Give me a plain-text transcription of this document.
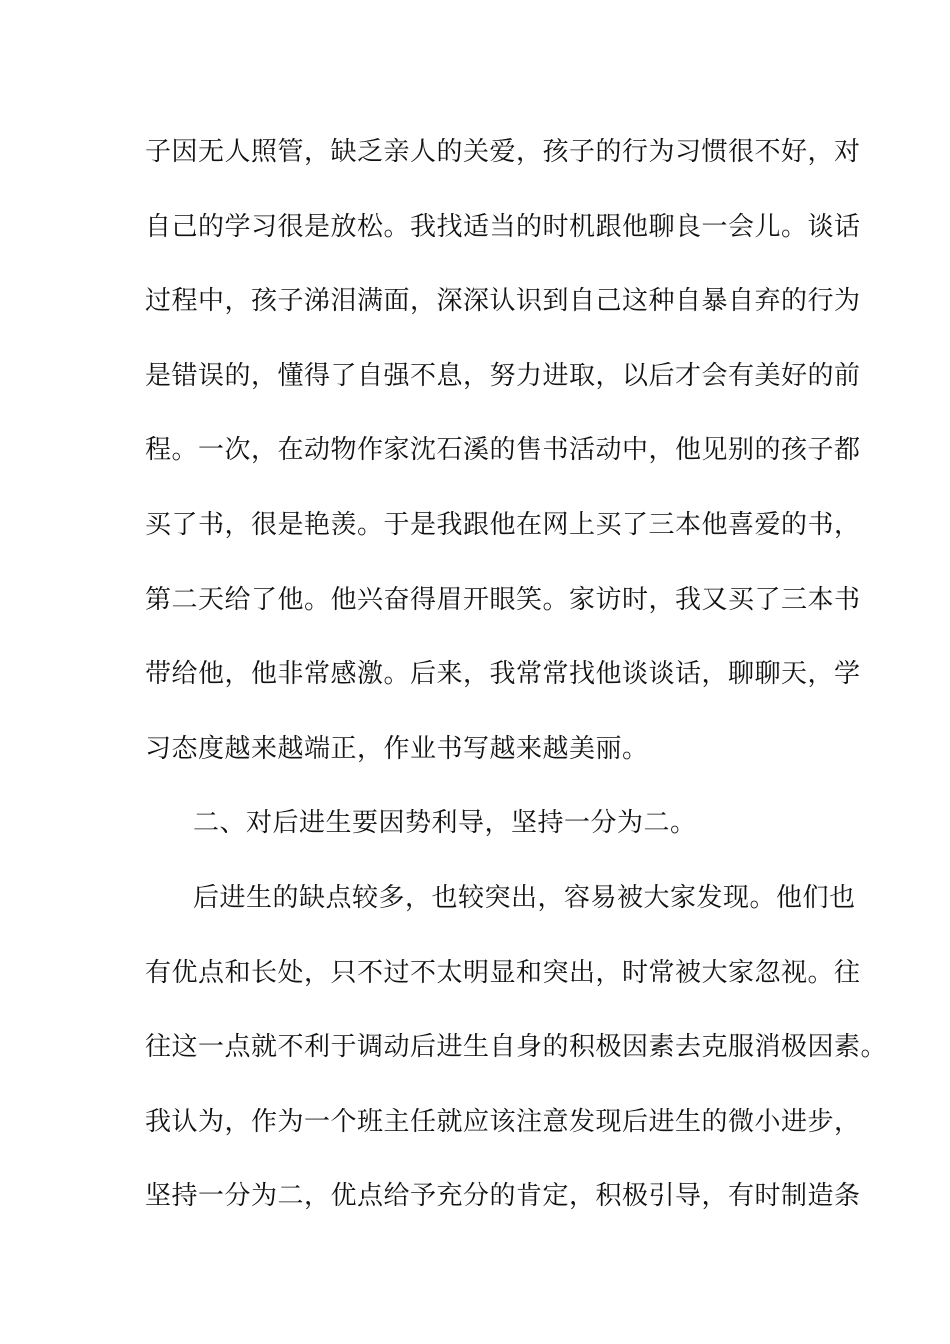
子因无人照管，缺乏亲人的关爱，孩子的行为习惯很不好，对
自己的学习很是放松。我找适当的时机跟他聊良一会儿。谈话
过程中，孩子涕泪满面，深深认识到自己这种自暴自弃的行为
是错误的，懂得了自强不息，努力进取，以后才会有美好的前
程。一次，在动物作家沈石溪的售书活动中，他见别的孩子都
买了书，很是艳羡。于是我跟他在网上买了三本他喜爱的书，
第二天给了他。他兴奋得眉开眼笑。家访时，我又买了三本书
带给他，他非常感激。后来，我常常找他谈谈话，聊聊天，学
习态度越来越端正，作业书写越来越美丽。
二、对后进生要因势利导，坚持一分为二。
后进生的缺点较多，也较突出，容易被大家发现。他们也
有优点和长处，只不过不太明显和突出，时常被大家忽视。往
往这一点就不利于调动后进生自身的积极因素去克服消极因素。
我认为，作为一个班主任就应该注意发现后进生的微小进步，
坚持一分为二，优点给予充分的肯定，积极引导，有时制造条
